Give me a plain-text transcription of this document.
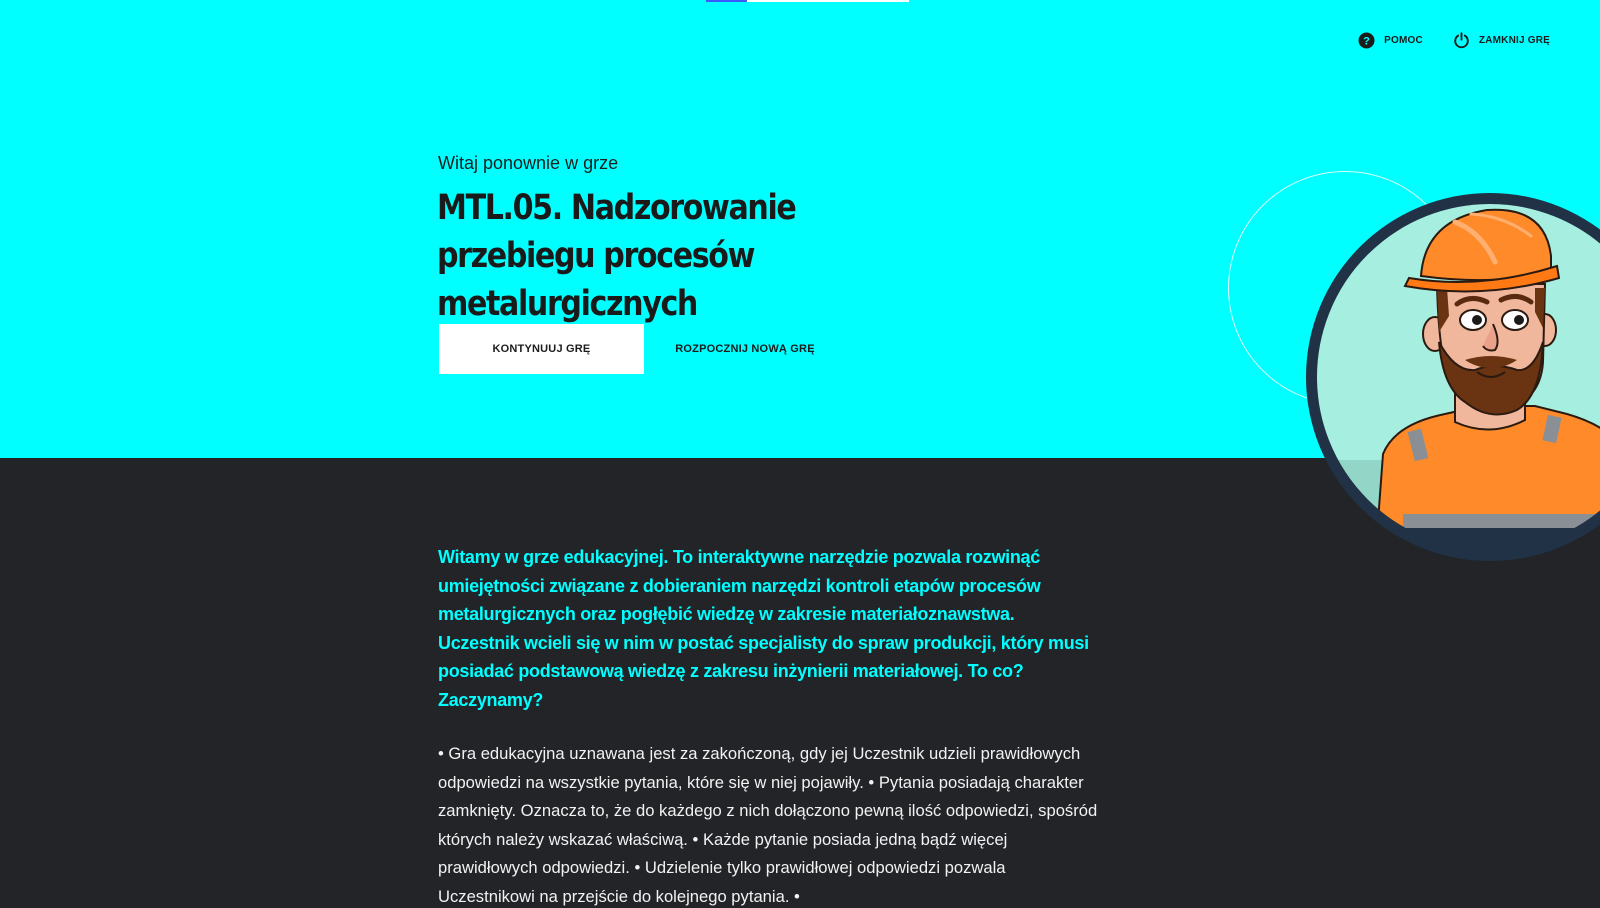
? POMOC	ZAMKNIJ GRĘ

Witaj ponownie w grze

MTL.05. Nadzorowanie przebiegu procesów metalurgicznych
KONTYNUUJ GRĘ	ROZPOCZNIJ NOWĄ GRĘ

Witamy w grze edukacyjnej. To interaktywne narzędzie pozwala rozwinąć umiejętności związane z dobieraniem narzędzi kontroli etapów procesów metalurgicznych oraz pogłębić wiedzę w zakresie materiałoznawstwa. Uczestnik wcieli się w nim w postać specjalisty do spraw produkcji, który musi posiadać podstawową wiedzę z zakresu inżynierii materiałowej. To co? Zaczynamy?

• Gra edukacyjna uznawana jest za zakończoną, gdy jej Uczestnik udzieli prawidłowych odpowiedzi na wszystkie pytania, które się w niej pojawiły. • Pytania posiadają charakter zamknięty. Oznacza to, że do każdego z nich dołączono pewną ilość odpowiedzi, spośród których należy wskazać właściwą. • Każde pytanie posiada jedną bądź więcej prawidłowych odpowiedzi. • Udzielenie tylko prawidłowej odpowiedzi pozwala Uczestnikowi na przejście do kolejnego pytania. •
